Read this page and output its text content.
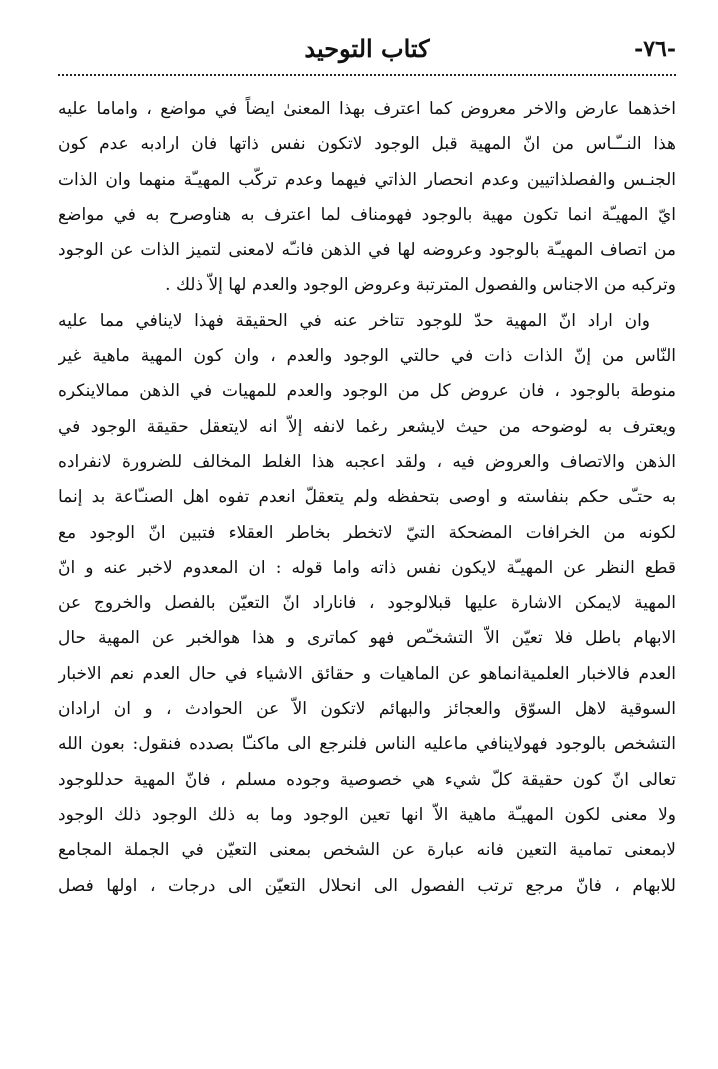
-٧٦-
كتاب التوحيد
اخذهما عارض والاخر معروض كما اعترف بهذا المعنىٰ ايضاً في مواضع ، واماما عليه
هذا النــّـاس من انّ المهية قبل الوجود لاتكون نفس ذاتها فان ارادبه عدم كون
الجنـس والفصلذاتيين وعدم انحصار الذاتي فيهما وعدم تركّب المهيـّة منهما وان الذات
ايّ المهيـّة انما تكون مهية بالوجود فهومناف لما اعترف به هناوصرح به في مواضع
من اتصاف المهيـّة بالوجود وعروضه لها في الذهن فانـّه لامعنى لتميز الذات عن الوجود
وتركبه من الاجناس والفصول المترتبة وعروض الوجود والعدم لها إلاّ ذلك .
وان اراد انّ المهية حدّ للوجود تتاخر عنه في الحقيقة فهذا لاينافي مما عليه
النّاس من إنّ الذات ذات في حالتي الوجود والعدم ، وان كون المهية ماهية غير
منوطة بالوجود ، فان عروض كل من الوجود والعدم للمهيات في الذهن ممالاينكره
ويعترف به لوضوحه من حيث لايشعر رغما لانفه إلاّ انه لايتعقل حقيقة الوجود في
الذهن والاتصاف والعروض فيه ، ولقد اعجبه هذا الغلط المخالف للضرورة لانفراده
به حتـّى حكم بنفاسته و اوصى بتحفظه ولم يتعقلّ انعدم تفوه اهل الصنـّاعة بد إنما
لكونه من الخرافات المضحكة التيّ لاتخطر بخاطر العقلاء فتبين انّ الوجود مع
قطع النظر عن المهيـّة لايكون نفس ذاته واما قوله : ان المعدوم لاخبر عنه و انّ
المهية لايمكن الاشارة عليها قبلالوجود ، فاناراد انّ التعيّن بالفصل والخروج عن
الابهام باطل فلا تعيّن الاّ التشخـّص فهو كماترى و هذا هوالخبر عن المهية حال
العدم فالاخبار العلميةانماهو عن الماهيات و حقائق الاشياء في حال العدم نعم الاخبار
السوقية لاهل السوّق والعجائز والبهائم لاتكون الاّ عن الحوادث ، و ان ارادان
التشخص بالوجود فهولاينافي ماعليه الناس فلنرجع الى ماكنـّا بصدده فنقول: بعون الله
تعالى انّ كون حقيقة كلّ شيء هي خصوصية وجوده مسلم ، فانّ المهية حدللوجود
ولا معنى لكون المهيـّة ماهية الاّ انها تعين الوجود وما به ذلك الوجود ذلك الوجود
لابمعنى تمامية التعين فانه عبارة عن الشخص بمعنى التعيّن في الجملة المجامع
للابهام ، فانّ مرجع ترتب الفصول الى انحلال التعيّن الى درجات ، اولها فصل
